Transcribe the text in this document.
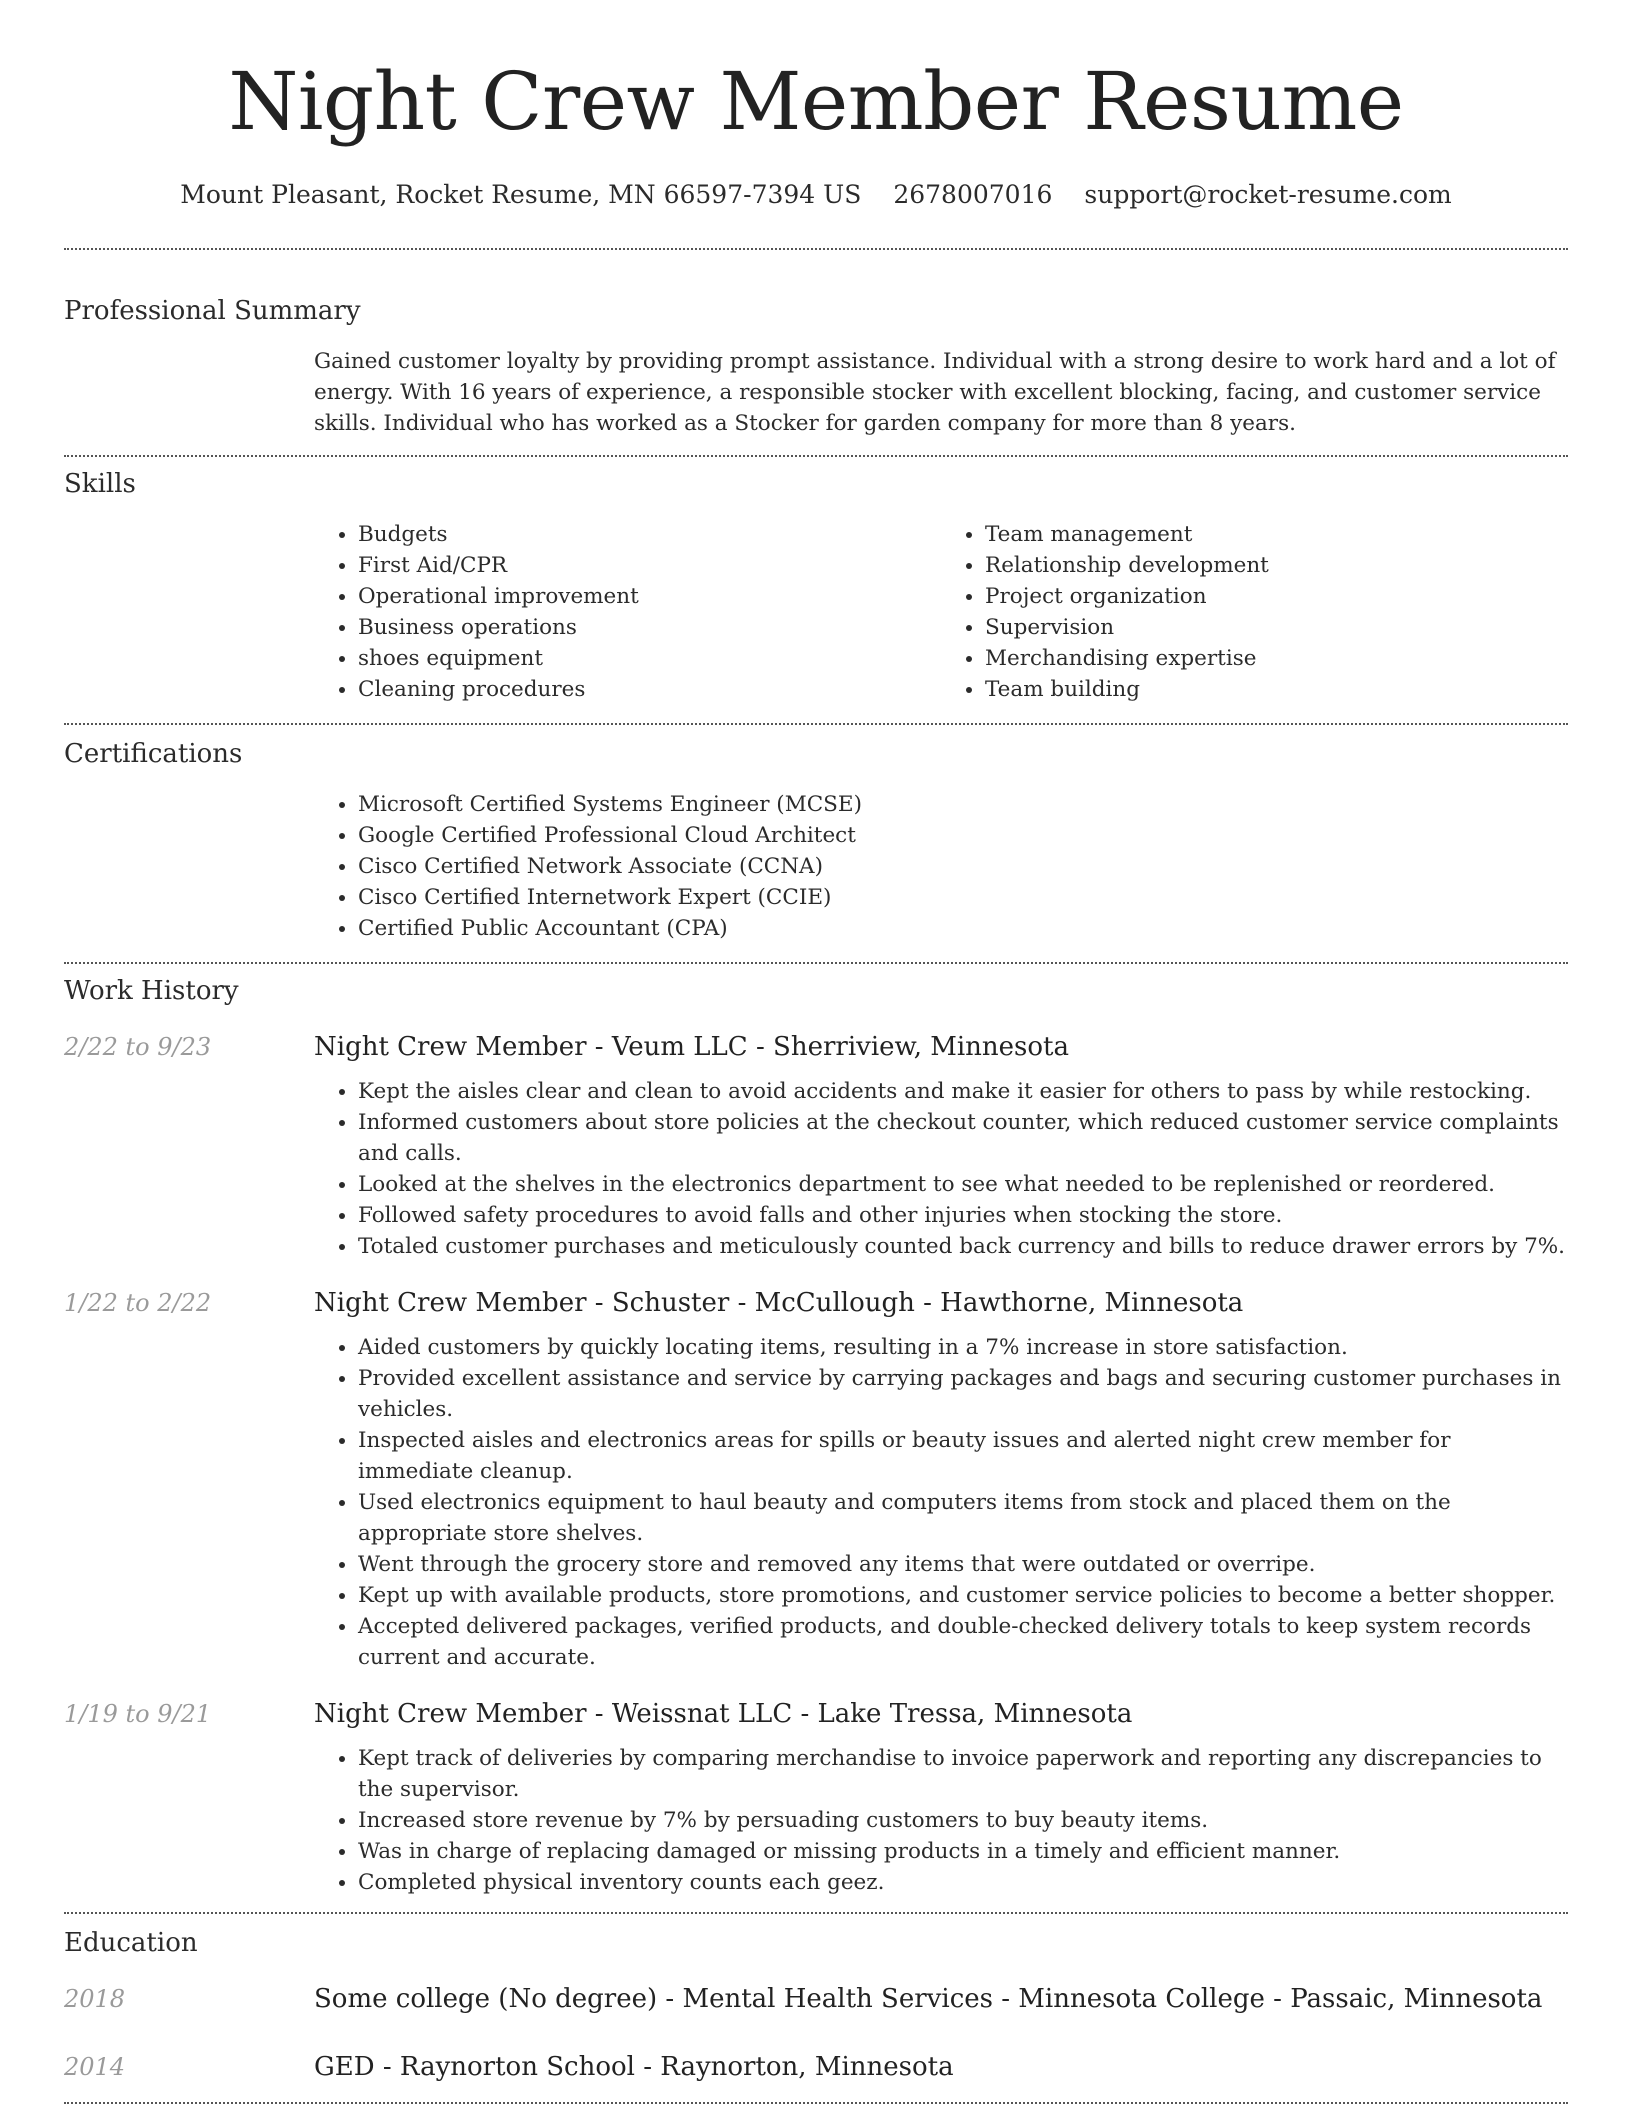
Night Crew Member Resume
Mount Pleasant, Rocket Resume, MN 66597-7394 US 2678007016 support@rocket-resume.com
Professional Summary

Gained customer loyalty by providing prompt assistance. Individual with a strong desire to work hard and a lot of energy. With 16 years of experience, a responsible stocker with excellent blocking, facing, and customer service skills. Individual who has worked as a Stocker for garden company for more than 8 years.

Skills
• Budgets
• First Aid/CPR
• Operational improvement
• Business operations
• shoes equipment
• Cleaning procedures
• Team management
• Relationship development
• Project organization
• Supervision
• Merchandising expertise
• Team building
Certifications
• Microsoft Certified Systems Engineer (MCSE)
• Google Certified Professional Cloud Architect
• Cisco Certified Network Associate (CCNA)
• Cisco Certified Internetwork Expert (CCIE)
• Certified Public Accountant (CPA)
Work History
2/22 to 9/23	Night Crew Member - Veum LLC - Sherriview, Minnesota
• Kept the aisles clear and clean to avoid accidents and make it easier for others to pass by while restocking.
• Informed customers about store policies at the checkout counter, which reduced customer service complaints and calls.
• Looked at the shelves in the electronics department to see what needed to be replenished or reordered.
• Followed safety procedures to avoid falls and other injuries when stocking the store.
• Totaled customer purchases and meticulously counted back currency and bills to reduce drawer errors by 7%.
1/22 to 2/22	Night Crew Member - Schuster - McCullough - Hawthorne, Minnesota
• Aided customers by quickly locating items, resulting in a 7% increase in store satisfaction.
• Provided excellent assistance and service by carrying packages and bags and securing customer purchases in vehicles.
• Inspected aisles and electronics areas for spills or beauty issues and alerted night crew member for immediate cleanup.
• Used electronics equipment to haul beauty and computers items from stock and placed them on the appropriate store shelves.
• Went through the grocery store and removed any items that were outdated or overripe.
• Kept up with available products, store promotions, and customer service policies to become a better shopper.
• Accepted delivered packages, verified products, and double-checked delivery totals to keep system records current and accurate.
1/19 to 9/21	Night Crew Member - Weissnat LLC - Lake Tressa, Minnesota
• Kept track of deliveries by comparing merchandise to invoice paperwork and reporting any discrepancies to the supervisor.
• Increased store revenue by 7% by persuading customers to buy beauty items.
• Was in charge of replacing damaged or missing products in a timely and efficient manner.
• Completed physical inventory counts each geez.
Education
2018	Some college (No degree) - Mental Health Services - Minnesota College - Passaic, Minnesota
2014	GED - Raynorton School - Raynorton, Minnesota
